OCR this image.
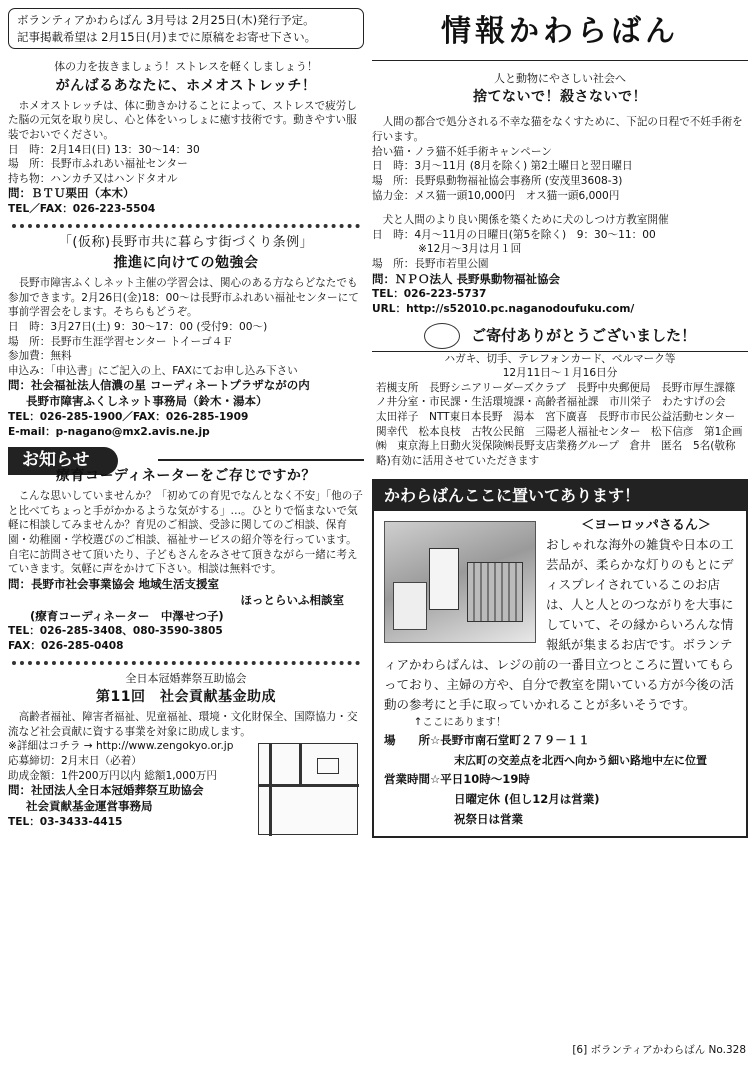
ボランティアかわらばん 3月号は 2月25日(木)発行予定。
記事掲載希望は 2月15日(月)までに原稿をお寄せ下さい。
体の力を抜きましょう！ストレスを軽くしましょう！
がんばるあなたに、ホメオストレッチ！
ホメオストレッチは、体に動きかけることによって、ストレスで疲労した脳の元気を取り戻し、心と体をいっしょに癒す技術です。動きやすい服装でおいでください。
日　時：2月14日(日) 13：30～14：30
場　所：長野市ふれあい福祉センター
持ち物：ハンカチ又はハンドタオル
問：ＢＴＵ栗田（本木）
TEL／FAX：026-223-5504
「(仮称)長野市共に暮らす街づくり条例」
推進に向けての勉強会
長野市障害ふくしネット主催の学習会は、関心のある方ならどなたでも参加できます。2月26日(金)18：00～は長野市ふれあい福祉センターにて事前学習会をします。そちらもどうぞ。
日　時：3月27日(土) 9：30～17：00 (受付9：00～)
場　所：長野市生涯学習センター トイーゴ４Ｆ
参加費：無料
申込み：「申込書」にご記入の上、FAXにてお申し込み下さい
問：社会福祉法人信濃の星 コーディネートプラザながの内
長野市障害ふくしネット事務局（鈴木・湯本）
TEL：026-285-1900／FAX：026-285-1909
E-mail：p-nagano@mx2.avis.ne.jp
お知らせ
療育コーディネーターをご存じですか？
こんな思いしていませんか？「初めての育児でなんとなく不安」「他の子と比べてちょっと手がかかるような気がする」…。ひとりで悩まないで気軽に相談してみませんか？育児のご相談、受診に関してのご相談、保育園・幼稚園・学校選びのご相談、福祉サービスの紹介等を行っています。自宅に訪問させて頂いたり、子どもさんをみさせて頂きながら一緒に考えていきます。気軽に声をかけて下さい。相談は無料です。
問：長野市社会事業協会 地域生活支援室
ほっとらいふ相談室
(療育コーディネーター　中澤せつ子)
TEL：026-285-3408、080-3590-3805
FAX：026-285-0408
全日本冠婚葬祭互助協会
第11回　社会貢献基金助成
高齢者福祉、障害者福祉、児童福祉、環境・文化財保全、国際協力・交流など社会貢献に資する事業を対象に助成します。
※詳細はコチラ → http://www.zengokyo.or.jp
応募締切：2月末日（必着）
助成金額：1件200万円以内 総額1,000万円
問：社団法人全日本冠婚葬祭互助協会
社会貢献基金運営事務局
TEL：03-3433-4415
情報かわらばん
人と動物にやさしい社会へ
捨てないで！殺さないで！
人間の都合で処分される不幸な猫をなくすために、下記の日程で不妊手術を行います。
拾い猫・ノラ猫不妊手術キャンペーン
日　時：3月～11月 (8月を除く) 第2土曜日と翌日曜日
場　所：長野県動物福祉協会事務所 (安茂里3608-3)
協力金：メス猫一頭10,000円　オス猫一頭6,000円
犬と人間のより良い関係を築くために犬のしつけ方教室開催
日　時：4月～11月の日曜日(第5を除く)　9：30～11：00
※12月～3月は月１回
場　所：長野市若里公園
問：ＮＰＯ法人 長野県動物福祉協会
TEL：026-223-5737
URL：http://s52010.pc.naganodoufuku.com/
ご寄付ありがとうございました！
ハガキ、切手、テレフォンカード、ベルマーク等
12月11日～１月16日分
若槻支所　長野シニアリーダーズクラブ　長野中央郵便局　長野市厚生課篠ノ井分室・市民課・生活環境課・高齢者福祉課　市川栄子　わたすげの会　太田祥子　NTT東日本長野　湯本　宮下廣喜　長野市市民公益活動センター　関幸代　松本良枝　古牧公民館　三陽老人福祉センター　松下信彦　第1企画㈱　東京海上日動火災保険㈱長野支店業務グループ　倉井　匿名　5名(敬称略)有効に活用させていただきます
かわらばんここに置いてあります！
＜ヨーロッパさるん＞
おしゃれな海外の雑貨や日本の工芸品が、柔らかな灯りのもとにディスプレイされているこのお店は、人と人とのつながりを大事にしていて、その縁からいろんな情報紙が集まるお店です。ボランティアかわらばんは、レジの前の一番目立つところに置いてもらっており、主婦の方や、自分で教室を開いている方が今後の活動の参考にと手に取っていかれることが多いそうです。
↑ここにあります！
場　　所☆長野市南石堂町２７９－１１
末広町の交差点を北西へ向かう細い路地中左に位置
営業時間☆平日10時～19時
日曜定休 (但し12月は営業)
祝祭日は営業
[6] ボランティアかわらばん No.328
